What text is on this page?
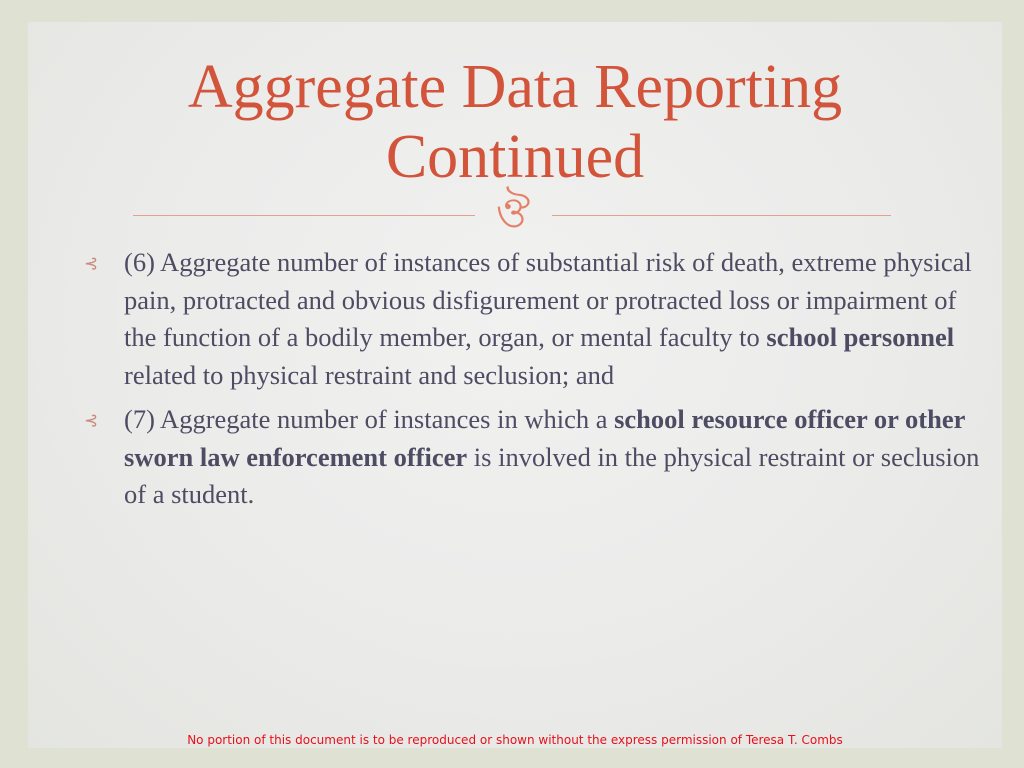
Aggregate Data Reporting
Continued
ঔ
⊰ (6) Aggregate number of instances of substantial risk of death, extreme physical pain, protracted and obvious disfigurement or protracted loss or impairment of the function of a bodily member, organ, or mental faculty to school personnel related to physical restraint and seclusion; and
⊰ (7) Aggregate number of instances in which a school resource officer or other sworn law enforcement officer is involved in the physical restraint or seclusion of a student.

No portion of this document is to be reproduced or shown without the express permission of Teresa T. Combs
